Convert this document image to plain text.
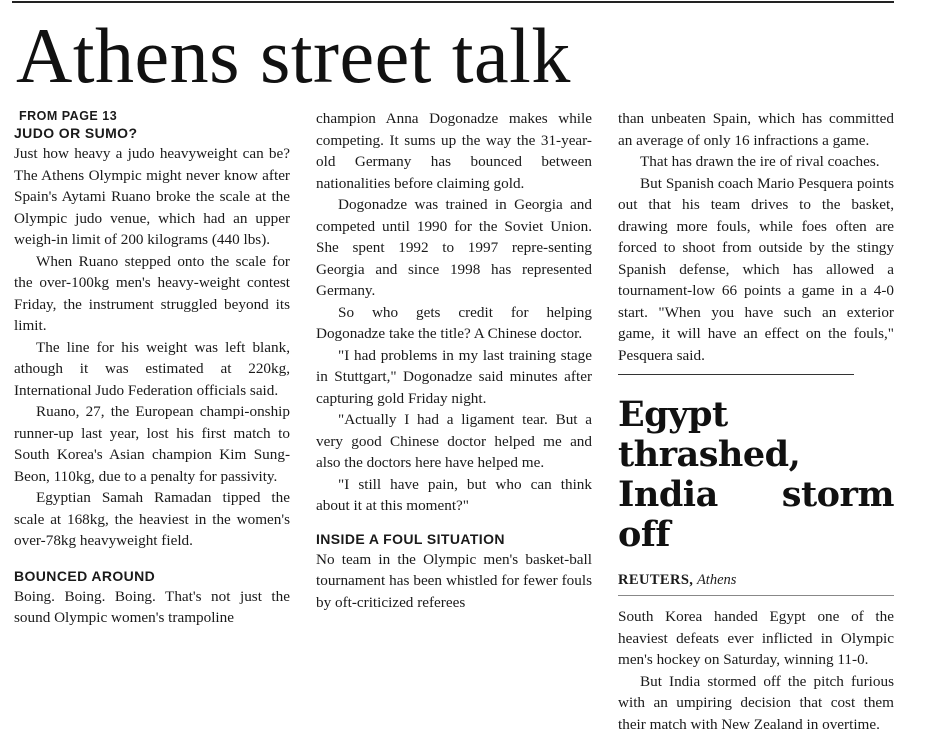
Athens street talk
FROM PAGE 13
JUDO OR SUMO?

Just how heavy a judo heavyweight can be? The Athens Olympic might never know after Spain's Aytami Ruano broke the scale at the Olympic judo venue, which had an upper weigh-in limit of 200 kilograms (440 lbs).

When Ruano stepped onto the scale for the over-100kg men's heavy-weight contest Friday, the instrument struggled beyond its limit.

The line for his weight was left blank, athough it was estimated at 220kg, International Judo Federation officials said.

Ruano, 27, the European champi-onship runner-up last year, lost his first match to South Korea's Asian champion Kim Sung-Beon, 110kg, due to a penalty for passivity.

Egyptian Samah Ramadan tipped the scale at 168kg, the heaviest in the women's over-78kg heavyweight field.

BOUNCED AROUND

Boing. Boing. Boing. That's not just the sound Olympic women's trampoline

champion Anna Dogonadze makes while competing. It sums up the way the 31-year-old Germany has bounced between nationalities before claiming gold.

Dogonadze was trained in Georgia and competed until 1990 for the Soviet Union. She spent 1992 to 1997 repre-senting Georgia and since 1998 has represented Germany.

So who gets credit for helping Dogonadze take the title? A Chinese doctor.

"I had problems in my last training stage in Stuttgart," Dogonadze said minutes after capturing gold Friday night.

"Actually I had a ligament tear. But a very good Chinese doctor helped me and also the doctors here have helped me.

"I still have pain, but who can think about it at this moment?"

INSIDE A FOUL SITUATION

No team in the Olympic men's basket-ball tournament has been whistled for fewer fouls by oft-criticized referees

than unbeaten Spain, which has committed an average of only 16 infractions a game.

That has drawn the ire of rival coaches.

But Spanish coach Mario Pesquera points out that his team drives to the basket, drawing more fouls, while foes often are forced to shoot from outside by the stingy Spanish defense, which has allowed a tournament-low 66 points a game in a 4-0 start. "When you have such an exterior game, it will have an effect on the fouls," Pesquera said.

Egypt thrashed, India storm off
REUTERS, Athens

South Korea handed Egypt one of the heaviest defeats ever inflicted in Olympic men's hockey on Saturday, winning 11-0.

But India stormed off the pitch furious with an umpiring decision that cost them their match with New Zealand in overtime.
